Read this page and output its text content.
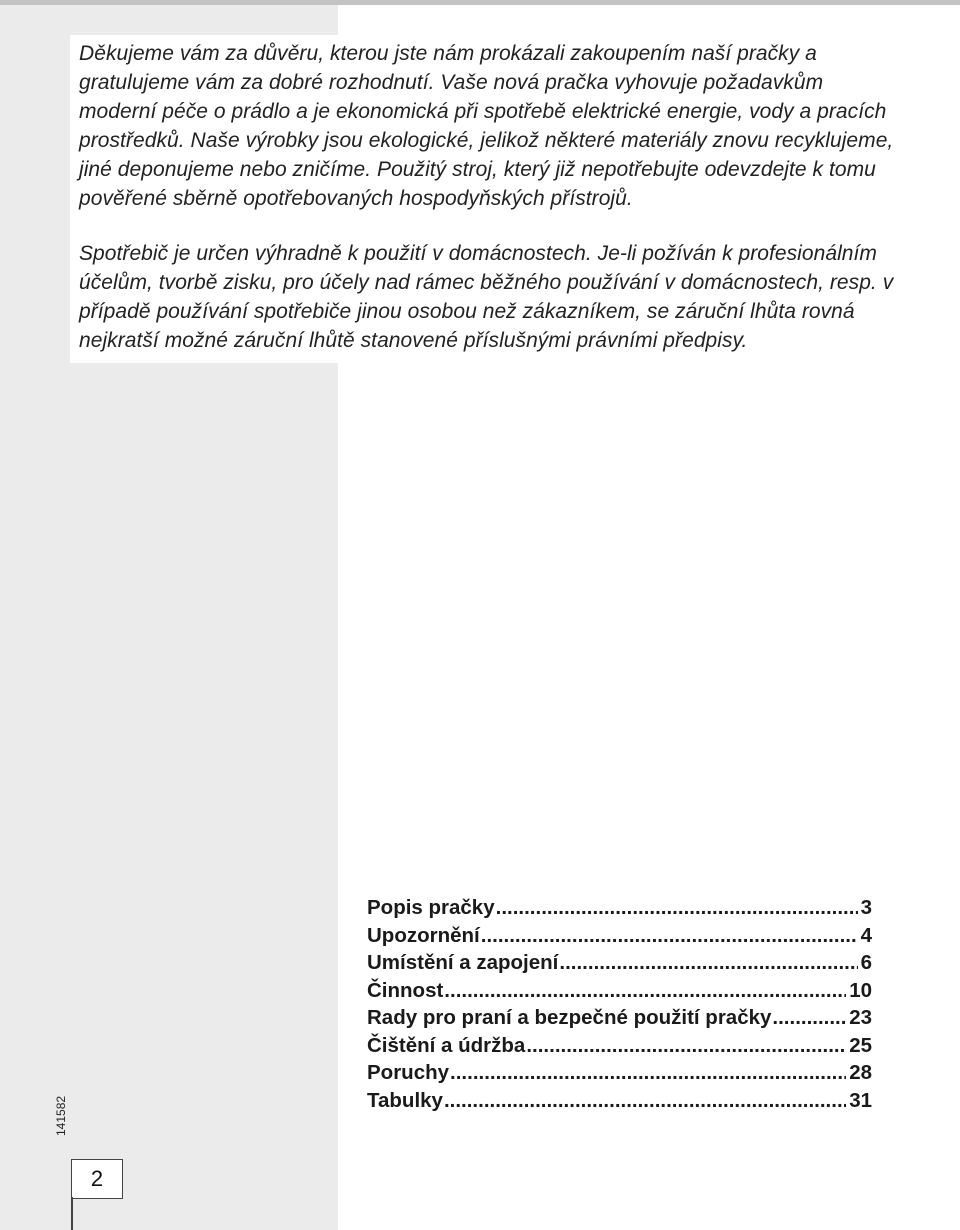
Děkujeme vám za důvěru, kterou jste nám prokázali zakoupením naší pračky a gratulujeme vám za dobré rozhodnutí. Vaše nová pračka vyhovuje požadavkům moderní péče o prádlo a je ekonomická při spotřebě elektrické energie, vody a pracích prostředků. Naše výrobky jsou ekologické, jelikož některé materiály znovu recyklujeme, jiné deponujeme nebo zničíme. Použitý stroj, který již nepotřebujte odevzdejte k tomu pověřené sběrně opotřebovaných hospodyňských přístrojů.

Spotřebič je určen výhradně k použití v domácnostech. Je-li požíván k profesionálním účelům, tvorbě zisku, pro účely nad rámec běžného používání v domácnostech, resp. v případě používání spotřebiče jinou osobou než zákazníkem, se záruční lhůta rovná nejkratší možné záruční lhůtě stanovené příslušnými právními předpisy.

Popis pračky .....	3
Upozornění .....	4
Umístění a zapojení .....	6
Činnost .....	10
Rady pro praní a bezpečné použití pračky .....	23
Čištění a údržba .....	25
Poruchy .....	28
Tabulky .....	31
141582
2
